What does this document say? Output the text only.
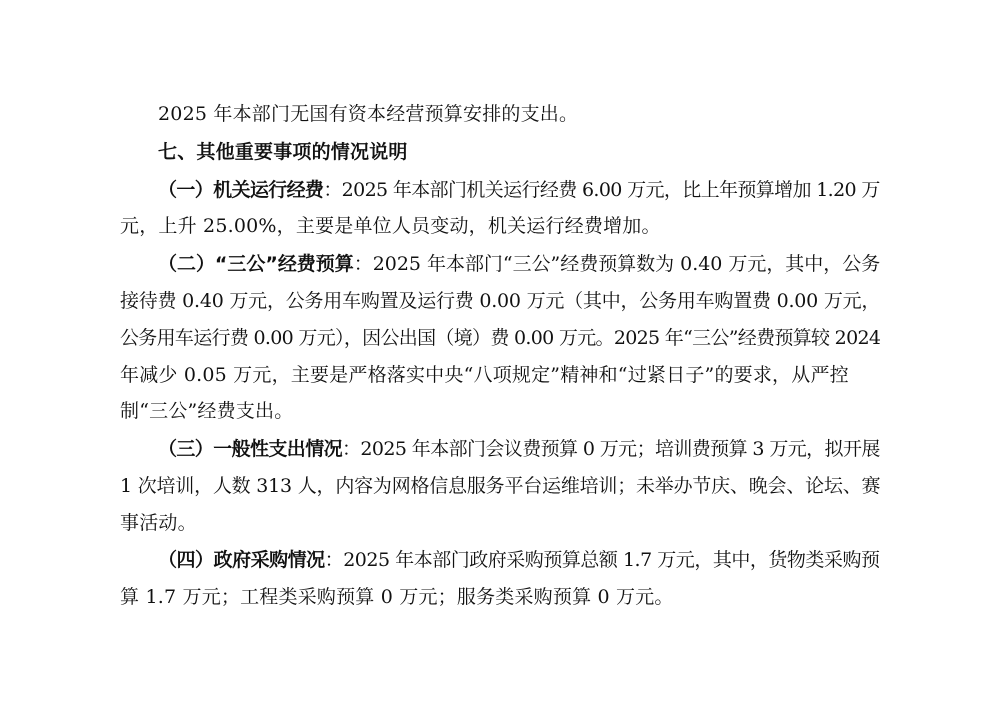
2025 年本部门无国有资本经营预算安排的支出。
七、其他重要事项的情况说明
（一）机关运行经费：2025 年本部门机关运行经费 6.00 万元，比上年预算增加 1.20 万
元，上升 25.00%，主要是单位人员变动，机关运行经费增加。
（二）“三公”经费预算：2025 年本部门“三公”经费预算数为 0.40 万元，其中，公务
接待费 0.40 万元，公务用车购置及运行费 0.00 万元（其中，公务用车购置费 0.00 万元，
公务用车运行费 0.00 万元），因公出国（境）费 0.00 万元。2025 年“三公”经费预算较 2024
年减少 0.05 万元，主要是严格落实中央“八项规定”精神和“过紧日子”的要求，从严控
制“三公”经费支出。
（三）一般性支出情况：2025 年本部门会议费预算 0 万元；培训费预算 3 万元，拟开展
1 次培训，人数 313 人，内容为网格信息服务平台运维培训；未举办节庆、晚会、论坛、赛
事活动。
（四）政府采购情况：2025 年本部门政府采购预算总额 1.7 万元，其中，货物类采购预
算 1.7 万元；工程类采购预算 0 万元；服务类采购预算 0 万元。
